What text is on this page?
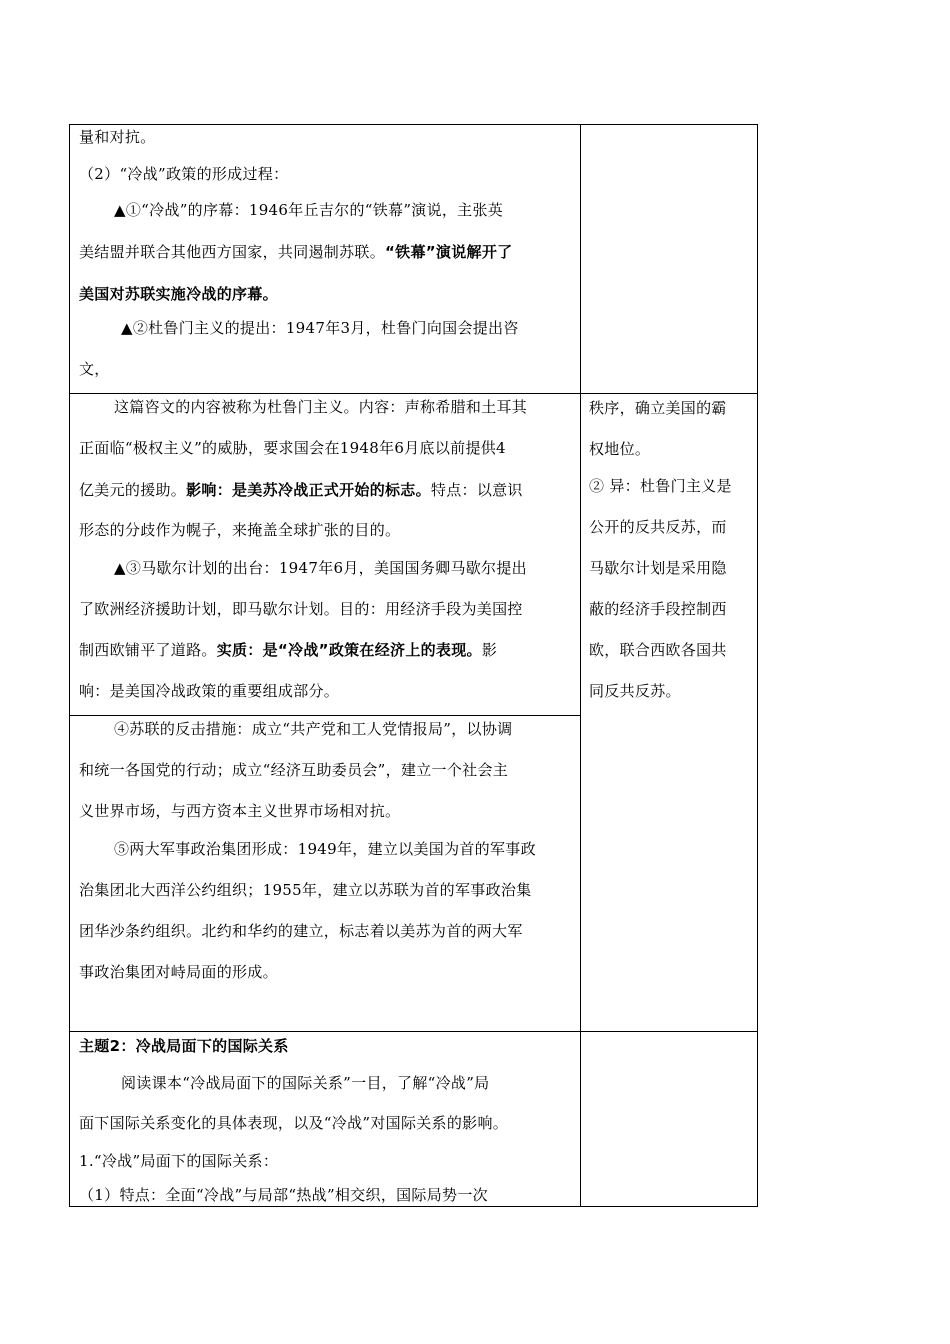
量和对抗。
（2）“冷战”政策的形成过程：
▲①“冷战”的序幕：1946年丘吉尔的“铁幕”演说，主张英
美结盟并联合其他西方国家，共同遏制苏联。“铁幕”演说解开了
美国对苏联实施冷战的序幕。
▲②杜鲁门主义的提出：1947年3月，杜鲁门向国会提出咨
文，
这篇咨文的内容被称为杜鲁门主义。内容：声称希腊和土耳其
正面临“极权主义”的威胁，要求国会在1948年6月底以前提供4
亿美元的援助。影响：是美苏冷战正式开始的标志。特点：以意识
形态的分歧作为幌子，来掩盖全球扩张的目的。
▲③马歇尔计划的出台：1947年6月，美国国务卿马歇尔提出
了欧洲经济援助计划，即马歇尔计划。目的：用经济手段为美国控
制西欧铺平了道路。实质：是“冷战”政策在经济上的表现。影
响：是美国冷战政策的重要组成部分。
④苏联的反击措施：成立“共产党和工人党情报局”，以协调
和统一各国党的行动；成立“经济互助委员会”，建立一个社会主
义世界市场，与西方资本主义世界市场相对抗。
⑤两大军事政治集团形成：1949年，建立以美国为首的军事政
治集团北大西洋公约组织；1955年，建立以苏联为首的军事政治集
团华沙条约组织。北约和华约的建立，标志着以美苏为首的两大军
事政治集团对峙局面的形成。
主题2：冷战局面下的国际关系
阅读课本“冷战局面下的国际关系”一目，了解“冷战”局
面下国际关系变化的具体表现，以及“冷战”对国际关系的影响。
1.“冷战”局面下的国际关系：
（1）特点：全面“冷战”与局部“热战”相交织，国际局势一次
秩序，确立美国的霸
权地位。
② 异：杜鲁门主义是
公开的反共反苏，而
马歇尔计划是采用隐
蔽的经济手段控制西
欧，联合西欧各国共
同反共反苏。
